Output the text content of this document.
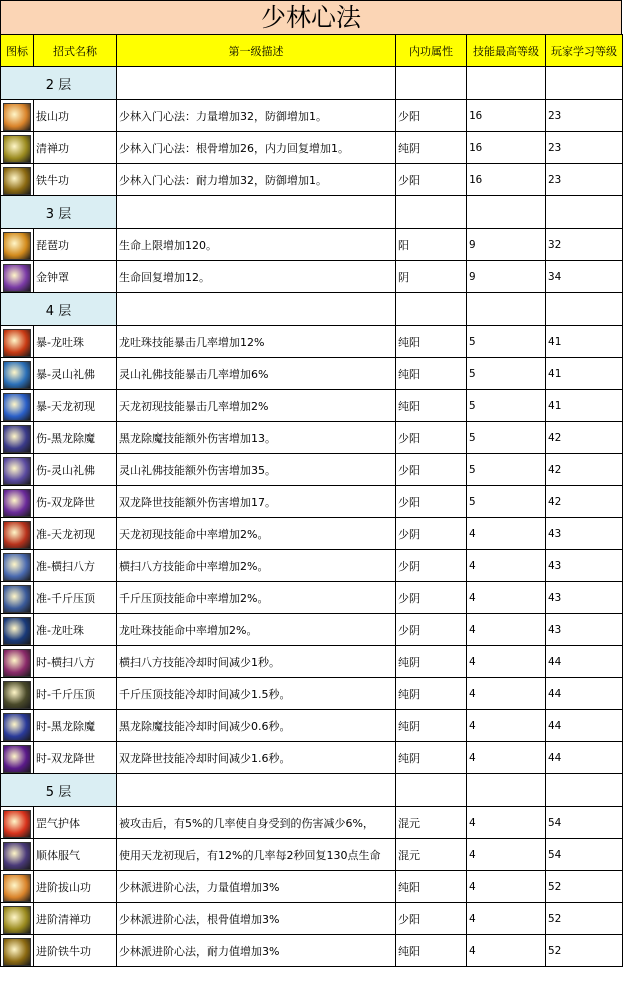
少林心法
图标	招式名称	第一级描述	内功属性	技能最高等级	玩家学习等级
2 层					
	拔山功	少林入门心法：力量增加32，防御增加1。	少阳	16	23
	清禅功	少林入门心法：根骨增加26，内力回复增加1。	纯阴	16	23
	铁牛功	少林入门心法：耐力增加32，防御增加1。	少阳	16	23
3 层					
	琵琶功	生命上限增加120。	阳	9	32
	金钟罩	生命回复增加12。	阴	9	34
4 层					
	暴-龙吐珠	龙吐珠技能暴击几率增加12%	纯阳	5	41
	暴-灵山礼佛	灵山礼佛技能暴击几率增加6%	纯阳	5	41
	暴-天龙初现	天龙初现技能暴击几率增加2%	纯阳	5	41
	伤-黑龙除魔	黑龙除魔技能额外伤害增加13。	少阳	5	42
	伤-灵山礼佛	灵山礼佛技能额外伤害增加35。	少阳	5	42
	伤-双龙降世	双龙降世技能额外伤害增加17。	少阳	5	42
	准-天龙初现	天龙初现技能命中率增加2%。	少阴	4	43
	准-横扫八方	横扫八方技能命中率增加2%。	少阴	4	43
	准-千斤压顶	千斤压顶技能命中率增加2%。	少阴	4	43
	准-龙吐珠	龙吐珠技能命中率增加2%。	少阴	4	43
	时-横扫八方	横扫八方技能冷却时间减少1秒。	纯阴	4	44
	时-千斤压顶	千斤压顶技能冷却时间减少1.5秒。	纯阴	4	44
	时-黑龙除魔	黑龙除魔技能冷却时间减少0.6秒。	纯阴	4	44
	时-双龙降世	双龙降世技能冷却时间减少1.6秒。	纯阴	4	44
5 层					
	罡气护体	被攻击后，有5%的几率使自身受到的伤害减少6%，	混元	4	54
	顺体服气	使用天龙初现后，有12%的几率每2秒回复130点生命	混元	4	54
	进阶拔山功	少林派进阶心法，力量值增加3%	纯阳	4	52
	进阶清禅功	少林派进阶心法，根骨值增加3%	少阳	4	52
	进阶铁牛功	少林派进阶心法，耐力值增加3%	纯阳	4	52
